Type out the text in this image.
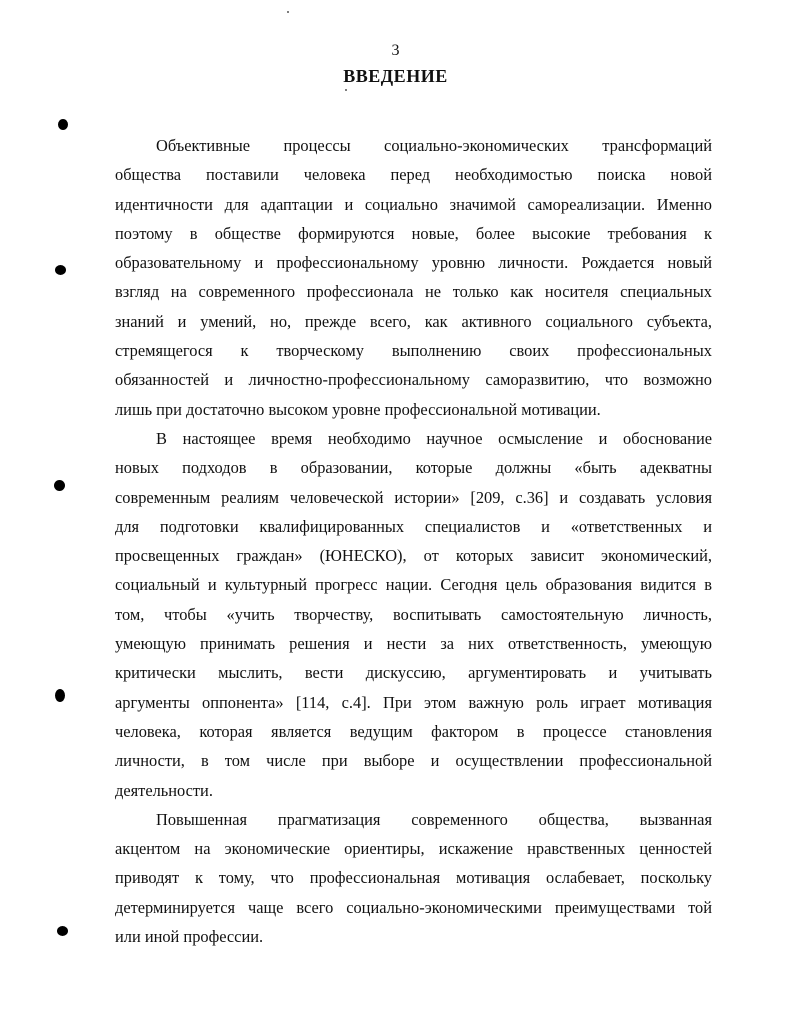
3
ВВЕДЕНИЕ
Объективные процессы социально-экономических трансформаций
общества поставили человека перед необходимостью поиска новой
идентичности для адаптации и социально значимой самореализации. Именно
поэтому в обществе формируются новые, более высокие требования к
образовательному и профессиональному уровню личности. Рождается новый
взгляд на современного профессионала не только как носителя специальных
знаний и умений, но, прежде всего, как активного социального субъекта,
стремящегося к творческому выполнению своих профессиональных
обязанностей и личностно-профессиональному саморазвитию, что возможно
лишь при достаточно высоком уровне профессиональной мотивации.
В настоящее время необходимо научное осмысление и обоснование
новых подходов в образовании, которые должны «быть адекватны
современным реалиям человеческой истории» [209, с.36] и создавать условия
для подготовки квалифицированных специалистов и «ответственных и
просвещенных граждан» (ЮНЕСКО), от которых зависит экономический,
социальный и культурный прогресс нации. Сегодня цель образования видится в
том, чтобы «учить творчеству, воспитывать самостоятельную личность,
умеющую принимать решения и нести за них ответственность, умеющую
критически мыслить, вести дискуссию, аргументировать и учитывать
аргументы оппонента» [114, с.4]. При этом важную роль играет мотивация
человека, которая является ведущим фактором в процессе становления
личности, в том числе при выборе и осуществлении профессиональной
деятельности.
Повышенная прагматизация современного общества, вызванная
акцентом на экономические ориентиры, искажение нравственных ценностей
приводят к тому, что профессиональная мотивация ослабевает, поскольку
детерминируется чаще всего социально-экономическими преимуществами той
или иной профессии.
